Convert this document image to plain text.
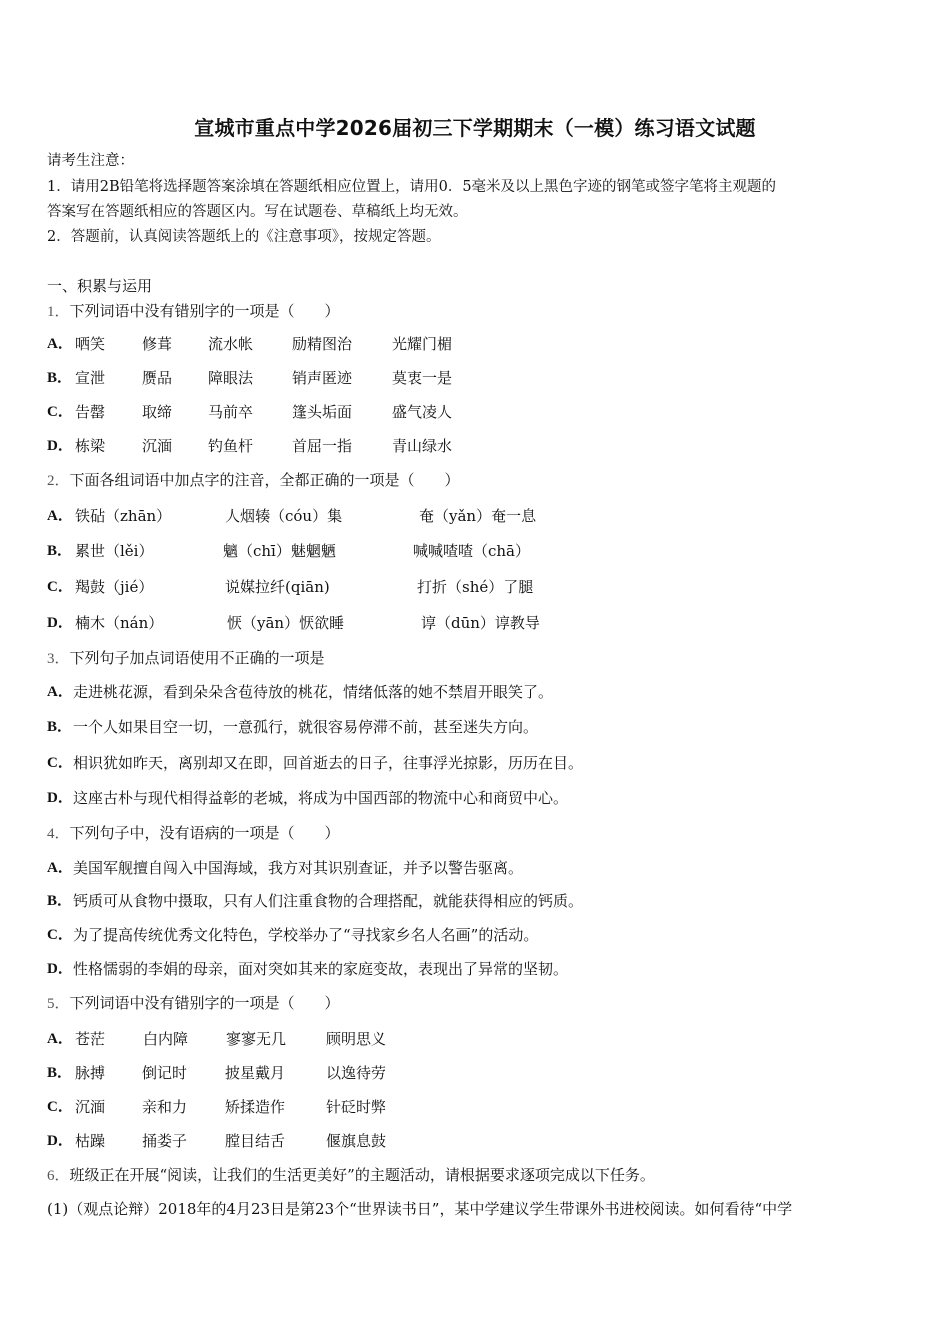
宣城市重点中学2026届初三下学期期末（一模）练习语文试题
请考生注意：
1．请用2B铅笔将选择题答案涂填在答题纸相应位置上，请用0．5毫米及以上黑色字迹的钢笔或签字笔将主观题的
答案写在答题纸相应的答题区内。写在试题卷、草稿纸上均无效。
2．答题前，认真阅读答题纸上的《注意事项》，按规定答题。
一、积累与运用
1．下列词语中没有错别字的一项是（　　）
A． 哂笑 修葺 流水帐	励精图治	光耀门楣
B． 宣泄 赝品 障眼法	销声匿迹	莫衷一是
C． 告罄 取缔 马前卒	篷头垢面	盛气凌人
D． 栋梁 沉湎 钓鱼杆	首屈一指	青山绿水
2．下面各组词语中加点字的注音，全都正确的一项是（　　）
A． 铁砧（zhān）	人烟辏（cóu）集	奄（yǎn）奄一息
B． 累世（lěi）	魑（chī）魅魍魉	喊喊喳喳（chā）
C． 羯鼓（jié）	说媒拉纤(qiān)	打折（shé）了腿
D． 楠木（nán）	恹（yān）恹欲睡	谆（dūn）谆教导
3．下列句子加点词语使用不正确的一项是
A． 走进桃花源，看到朵朵含苞待放的桃花，情绪低落的她不禁眉开眼笑了。
B． 一个人如果目空一切，一意孤行，就很容易停滞不前，甚至迷失方向。
C． 相识犹如昨天，离别却又在即，回首逝去的日子，往事浮光掠影，历历在目。
D． 这座古朴与现代相得益彰的老城，将成为中国西部的物流中心和商贸中心。
4．下列句子中，没有语病的一项是（　　）
A． 美国军舰擅自闯入中国海域，我方对其识别查证，并予以警告驱离。
B． 钙质可从食物中摄取，只有人们注重食物的合理搭配，就能获得相应的钙质。
C． 为了提高传统优秀文化特色，学校举办了“寻找家乡名人名画”的活动。
D． 性格懦弱的李娟的母亲，面对突如其来的家庭变故，表现出了异常的坚韧。
5．下列词语中没有错别字的一项是（　　）
A． 苍茫	白内障	寥寥无几	顾明思义
B． 脉搏 倒记时	披星戴月	以逸待劳
C． 沉湎 亲和力	矫揉造作	针砭时弊
D． 枯躁 捅娄子	膛目结舌	偃旗息鼓
6．班级正在开展“阅读，让我们的生活更美好”的主题活动，请根据要求逐项完成以下任务。
(1)（观点论辩）2018年的4月23日是第23个“世界读书日”，某中学建议学生带课外书进校阅读。如何看待“中学
